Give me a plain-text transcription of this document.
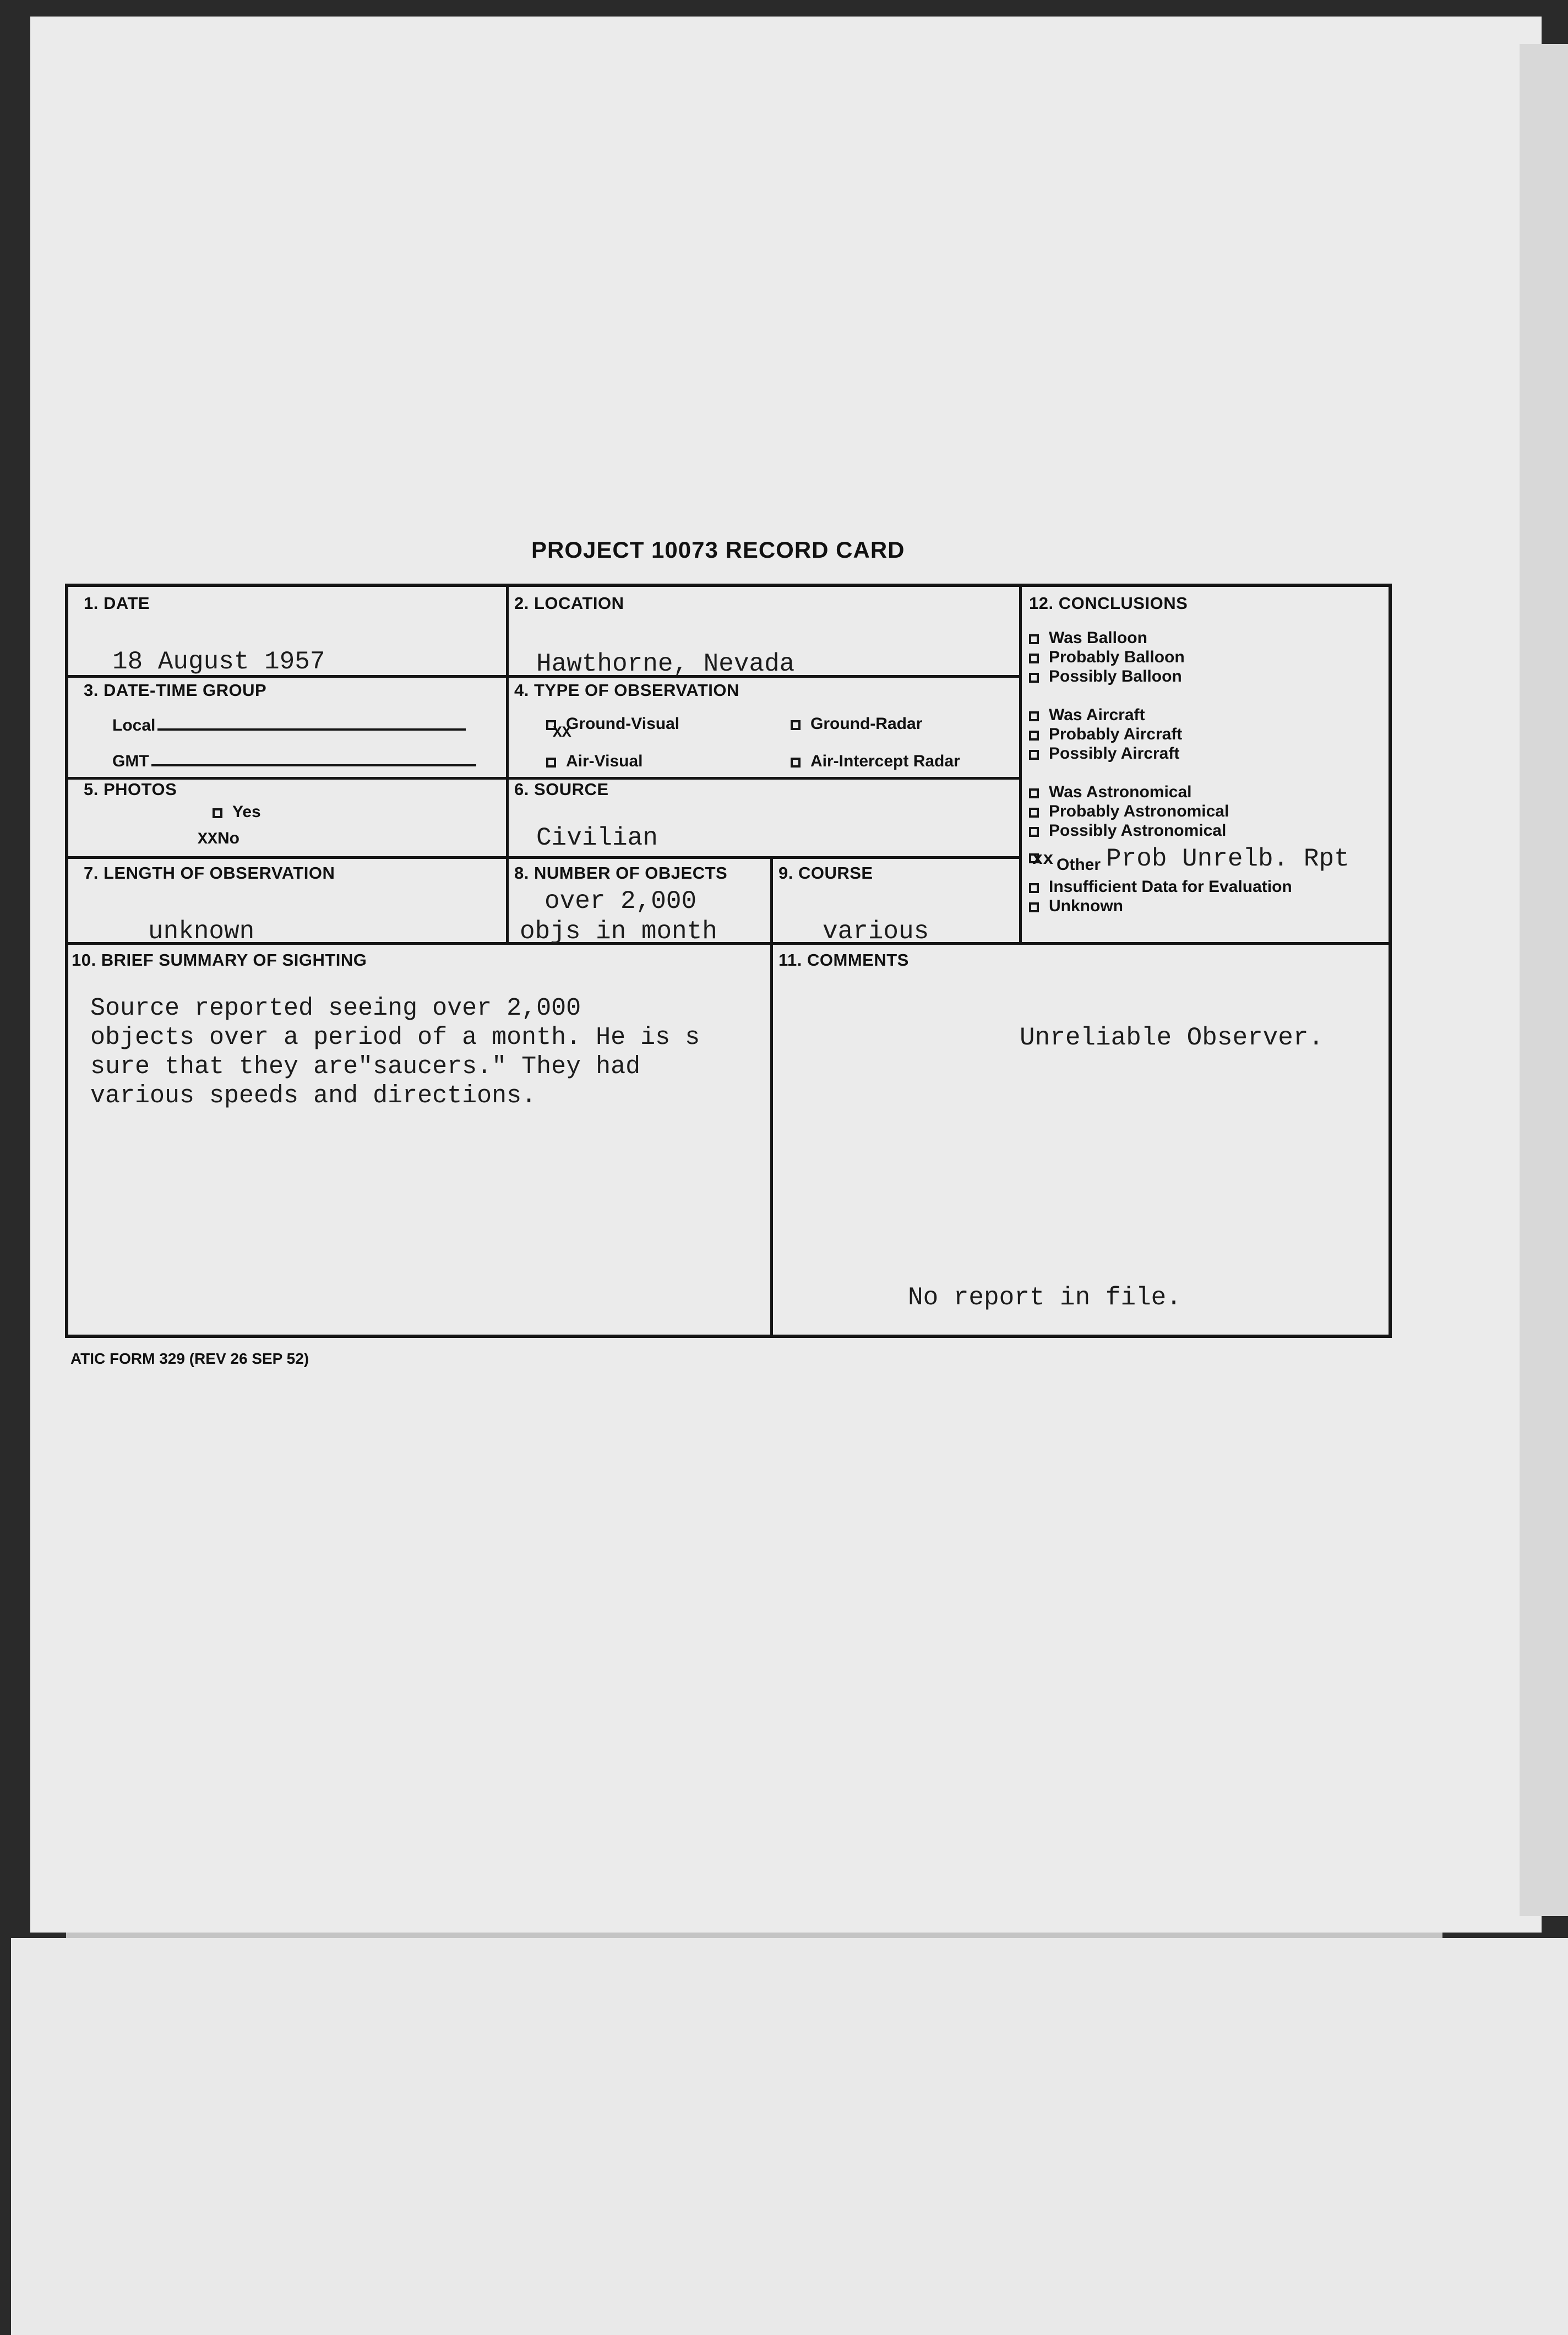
PROJECT 10073 RECORD CARD
1. DATE
18 August 1957
2. LOCATION
Hawthorne, Nevada
3. DATE-TIME GROUP
Local
GMT
4. TYPE OF OBSERVATION
Ground-Visual
XX
Ground-Radar
Air-Visual	Air-Intercept Radar
5. PHOTOS
Yes
XXNo
6. SOURCE
Civilian
7. LENGTH OF OBSERVATION
unknown
8. NUMBER OF OBJECTS
over 2,000
objs in month
9. COURSE
various
10. BRIEF SUMMARY OF SIGHTING
Source reported seeing over 2,000
objects over a period of a month. He is s
sure that they are"saucers." They had
various speeds and directions.
11. COMMENTS
Unreliable Observer.
No report in file.
12. CONCLUSIONS
Was Balloon
Probably Balloon
Possibly Balloon
Was Aircraft
Probably Aircraft
Possibly Aircraft
Was Astronomical
Probably Astronomical
Possibly Astronomical
xx Other Prob Unrelb. Rpt
Insufficient Data for Evaluation
Unknown
ATIC FORM 329 (REV 26 SEP 52)
